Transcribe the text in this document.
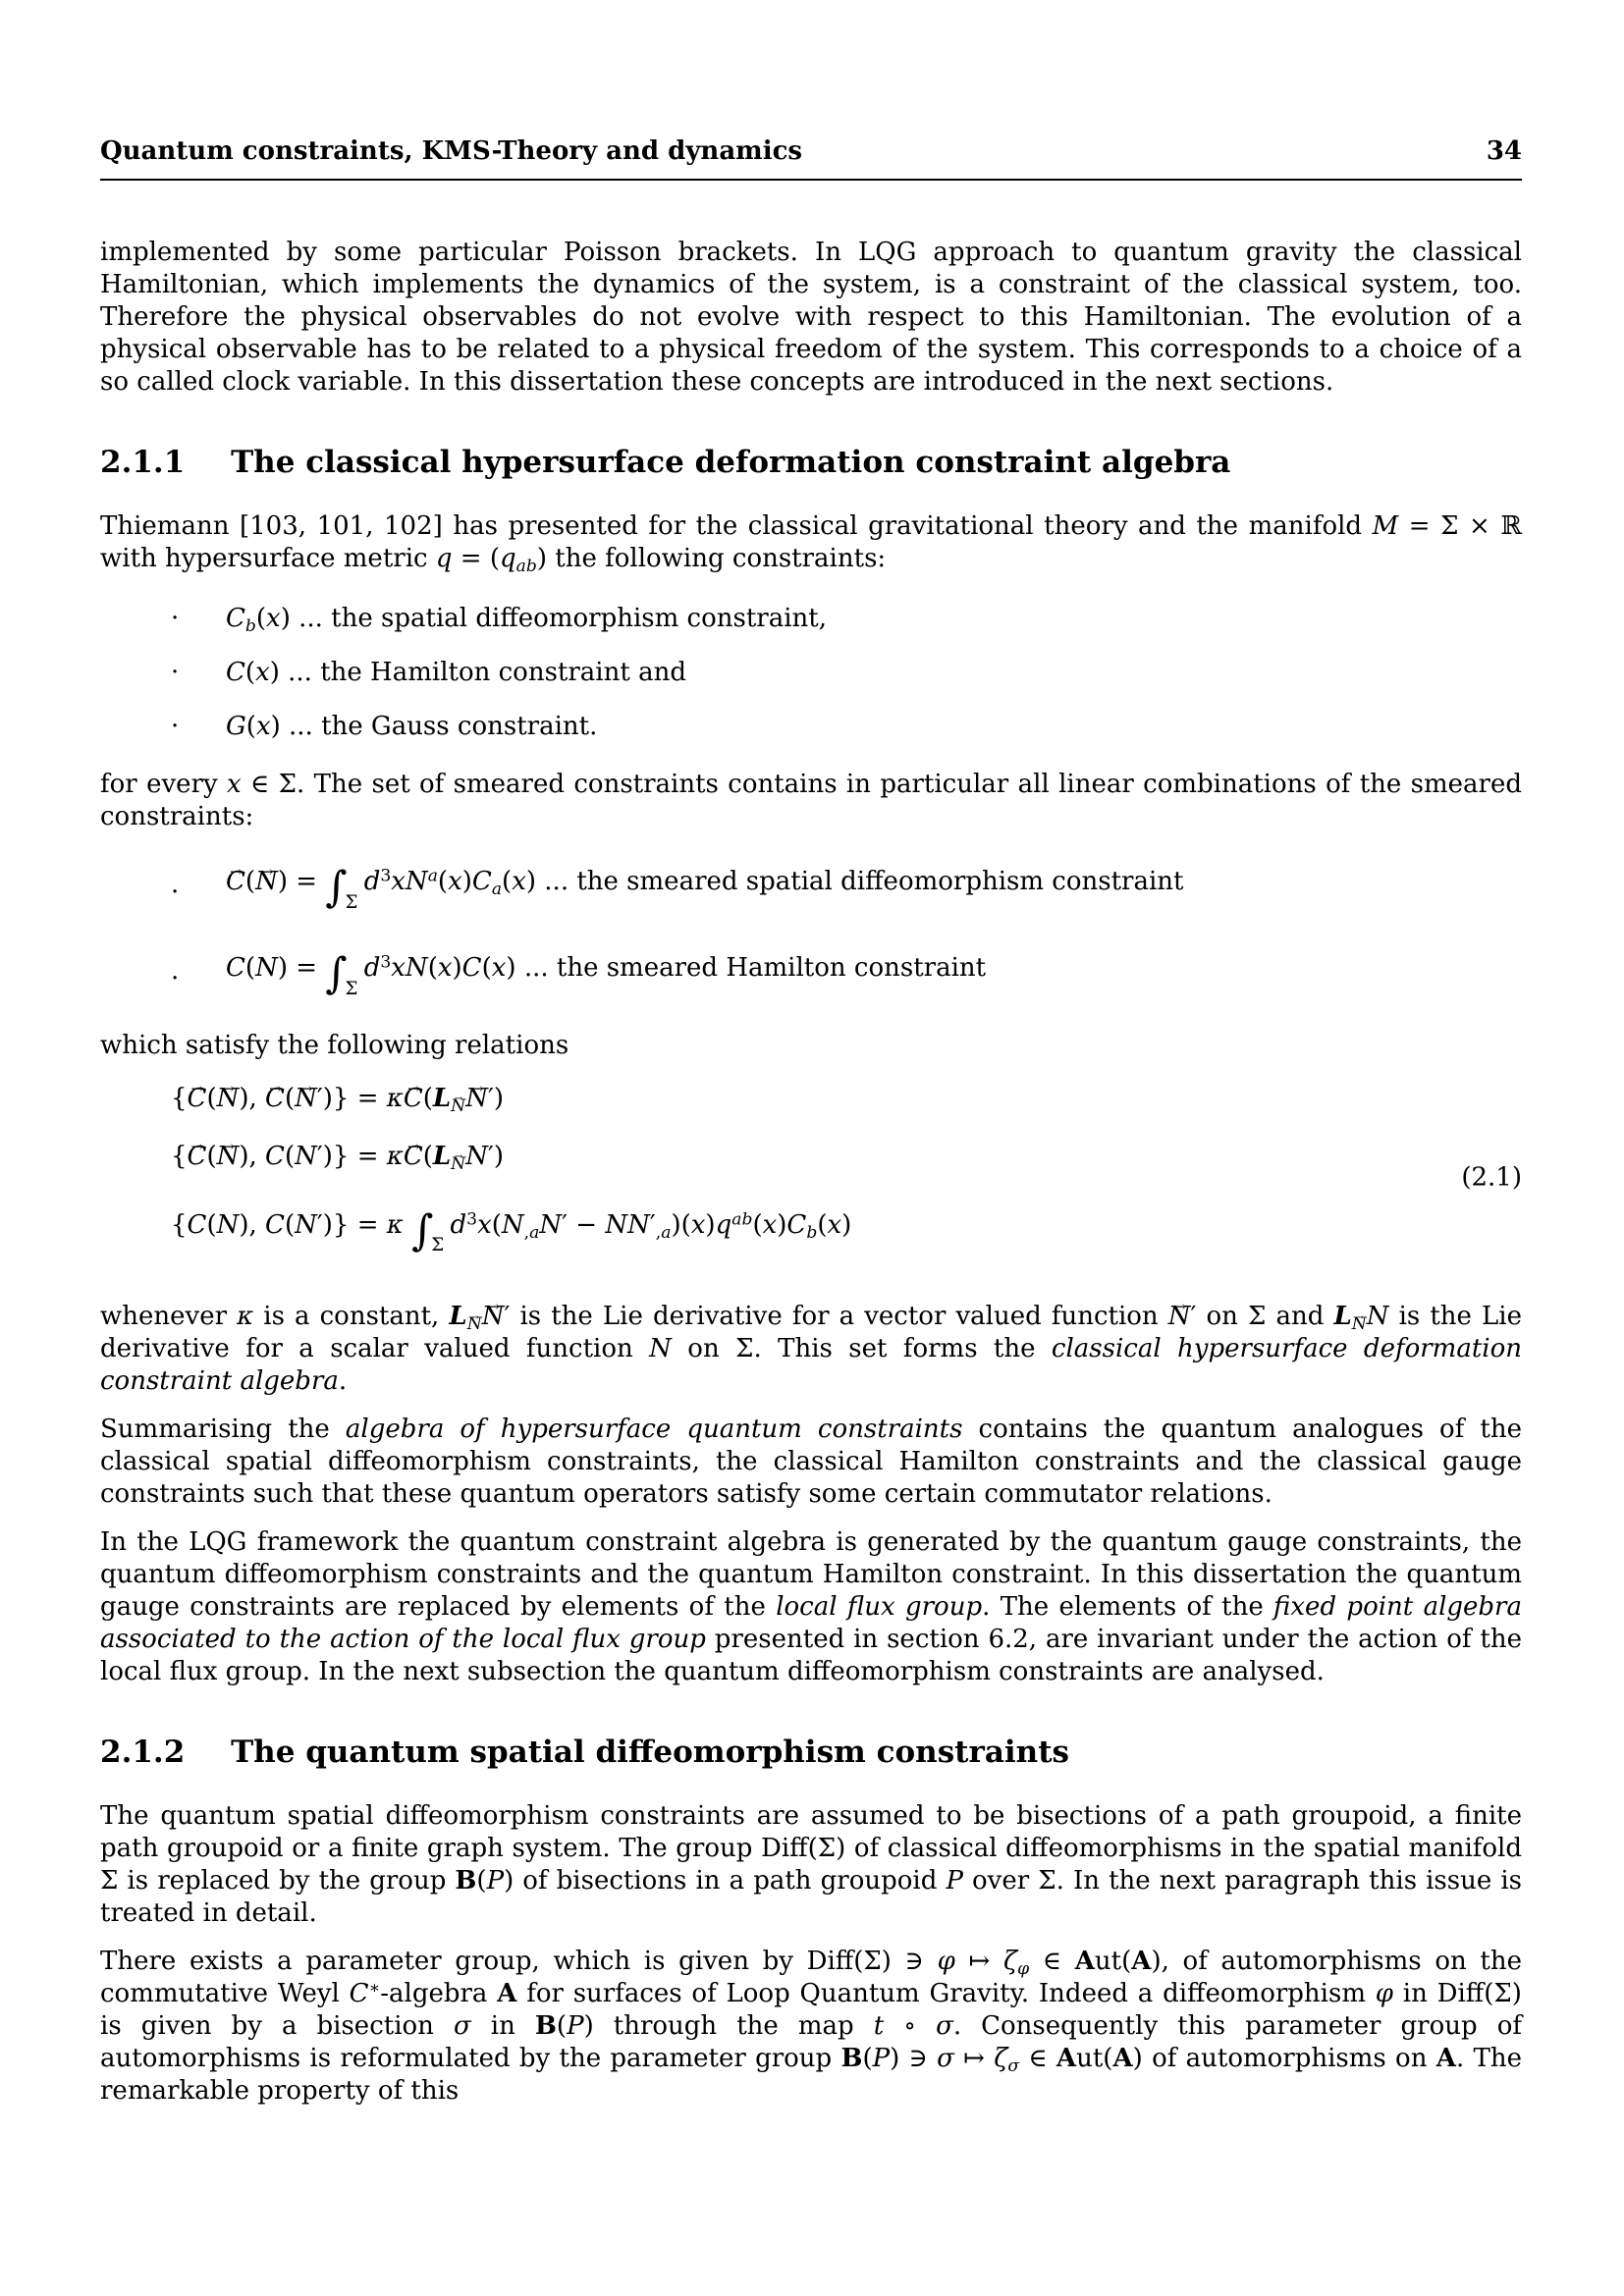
Quantum constraints, KMS-Theory and dynamics	34

implemented by some particular Poisson brackets. In LQG approach to quantum gravity the classical Hamiltonian, which implements the dynamics of the system, is a constraint of the classical system, too. Therefore the physical observables do not evolve with respect to this Hamiltonian. The evolution of a physical observable has to be related to a physical freedom of the system. This corresponds to a choice of a so called clock variable. In this dissertation these concepts are introduced in the next sections.

2.1.1 The classical hypersurface deformation constraint algebra

Thiemann [103, 101, 102] has presented for the classical gravitational theory and the manifold M = Σ × ℝ with hypersurface metric $q = (q_{ab})$ the following constraints:

·	$C_b(x)$ ... the spatial diffeomorphism constraint,
·	C(x) ... the Hamilton constraint and
·	G(x) ... the Gauss constraint.

for every x ∈ Σ. The set of smeared constraints contains in particular all linear combinations of the smeared constraints:

·	C →(N →) = $\int_\Sigma d^3xN^a(x)C_a(x)$ ... the smeared spatial diffeomorphism constraint
·	$C(N) = \int_\Sigma d^3xN(x)C(x)$ ... the smeared Hamilton constraint

which satisfy the following relations

{C →(N →), C →(N →′)} = $\kappa C \to(L_NN$ →′)
{C →(N →), $C(N')\} = \kappa C \to(L_NN')$
{C(N), C(N′)} = κ $\int_\Sigma d^3x(N_{,a}N' - NN'_{,a})(x)q^{ab}(x)C_b(x)$
(2.1)

whenever κ is a constant, $L_NN$ →′ is the Lie derivative for a vector valued function N →′ on Σ and $L_NN$ is the Lie derivative for a scalar valued function N on Σ. This set forms the classical hypersurface deformation constraint algebra.

Summarising the algebra of hypersurface quantum constraints contains the quantum analogues of the classical spatial diffeomorphism constraints, the classical Hamilton constraints and the classical gauge constraints such that these quantum operators satisfy some certain commutator relations.

In the LQG framework the quantum constraint algebra is generated by the quantum gauge constraints, the quantum diffeomorphism constraints and the quantum Hamilton constraint. In this dissertation the quantum gauge constraints are replaced by elements of the local flux group. The elements of the fixed point algebra associated to the action of the local flux group presented in section 6.2, are invariant under the action of the local flux group. In the next subsection the quantum diffeomorphism constraints are analysed.

2.1.2 The quantum spatial diffeomorphism constraints

The quantum spatial diffeomorphism constraints are assumed to be bisections of a path groupoid, a finite path groupoid or a finite graph system. The group Diff(Σ) of classical diffeomorphisms in the spatial manifold Σ is replaced by the group B(P) of bisections in a path groupoid P over Σ. In the next paragraph this issue is treated in detail.

There exists a parameter group, which is given by Diff(Σ) ∋ φ ↦ $\zeta_\varphi$ ∈ Aut(A), of automorphisms on the commutative Weyl C∗-algebra A for surfaces of Loop Quantum Gravity. Indeed a diffeomorphism φ in Diff(Σ) is given by a bisection σ in B(P) through the map t ∘ σ. Consequently this parameter group of automorphisms is reformulated by the parameter group B(P) ∋ σ ↦ $\zeta_\sigma$ ∈ Aut(A) of automorphisms on A. The remarkable property of this
